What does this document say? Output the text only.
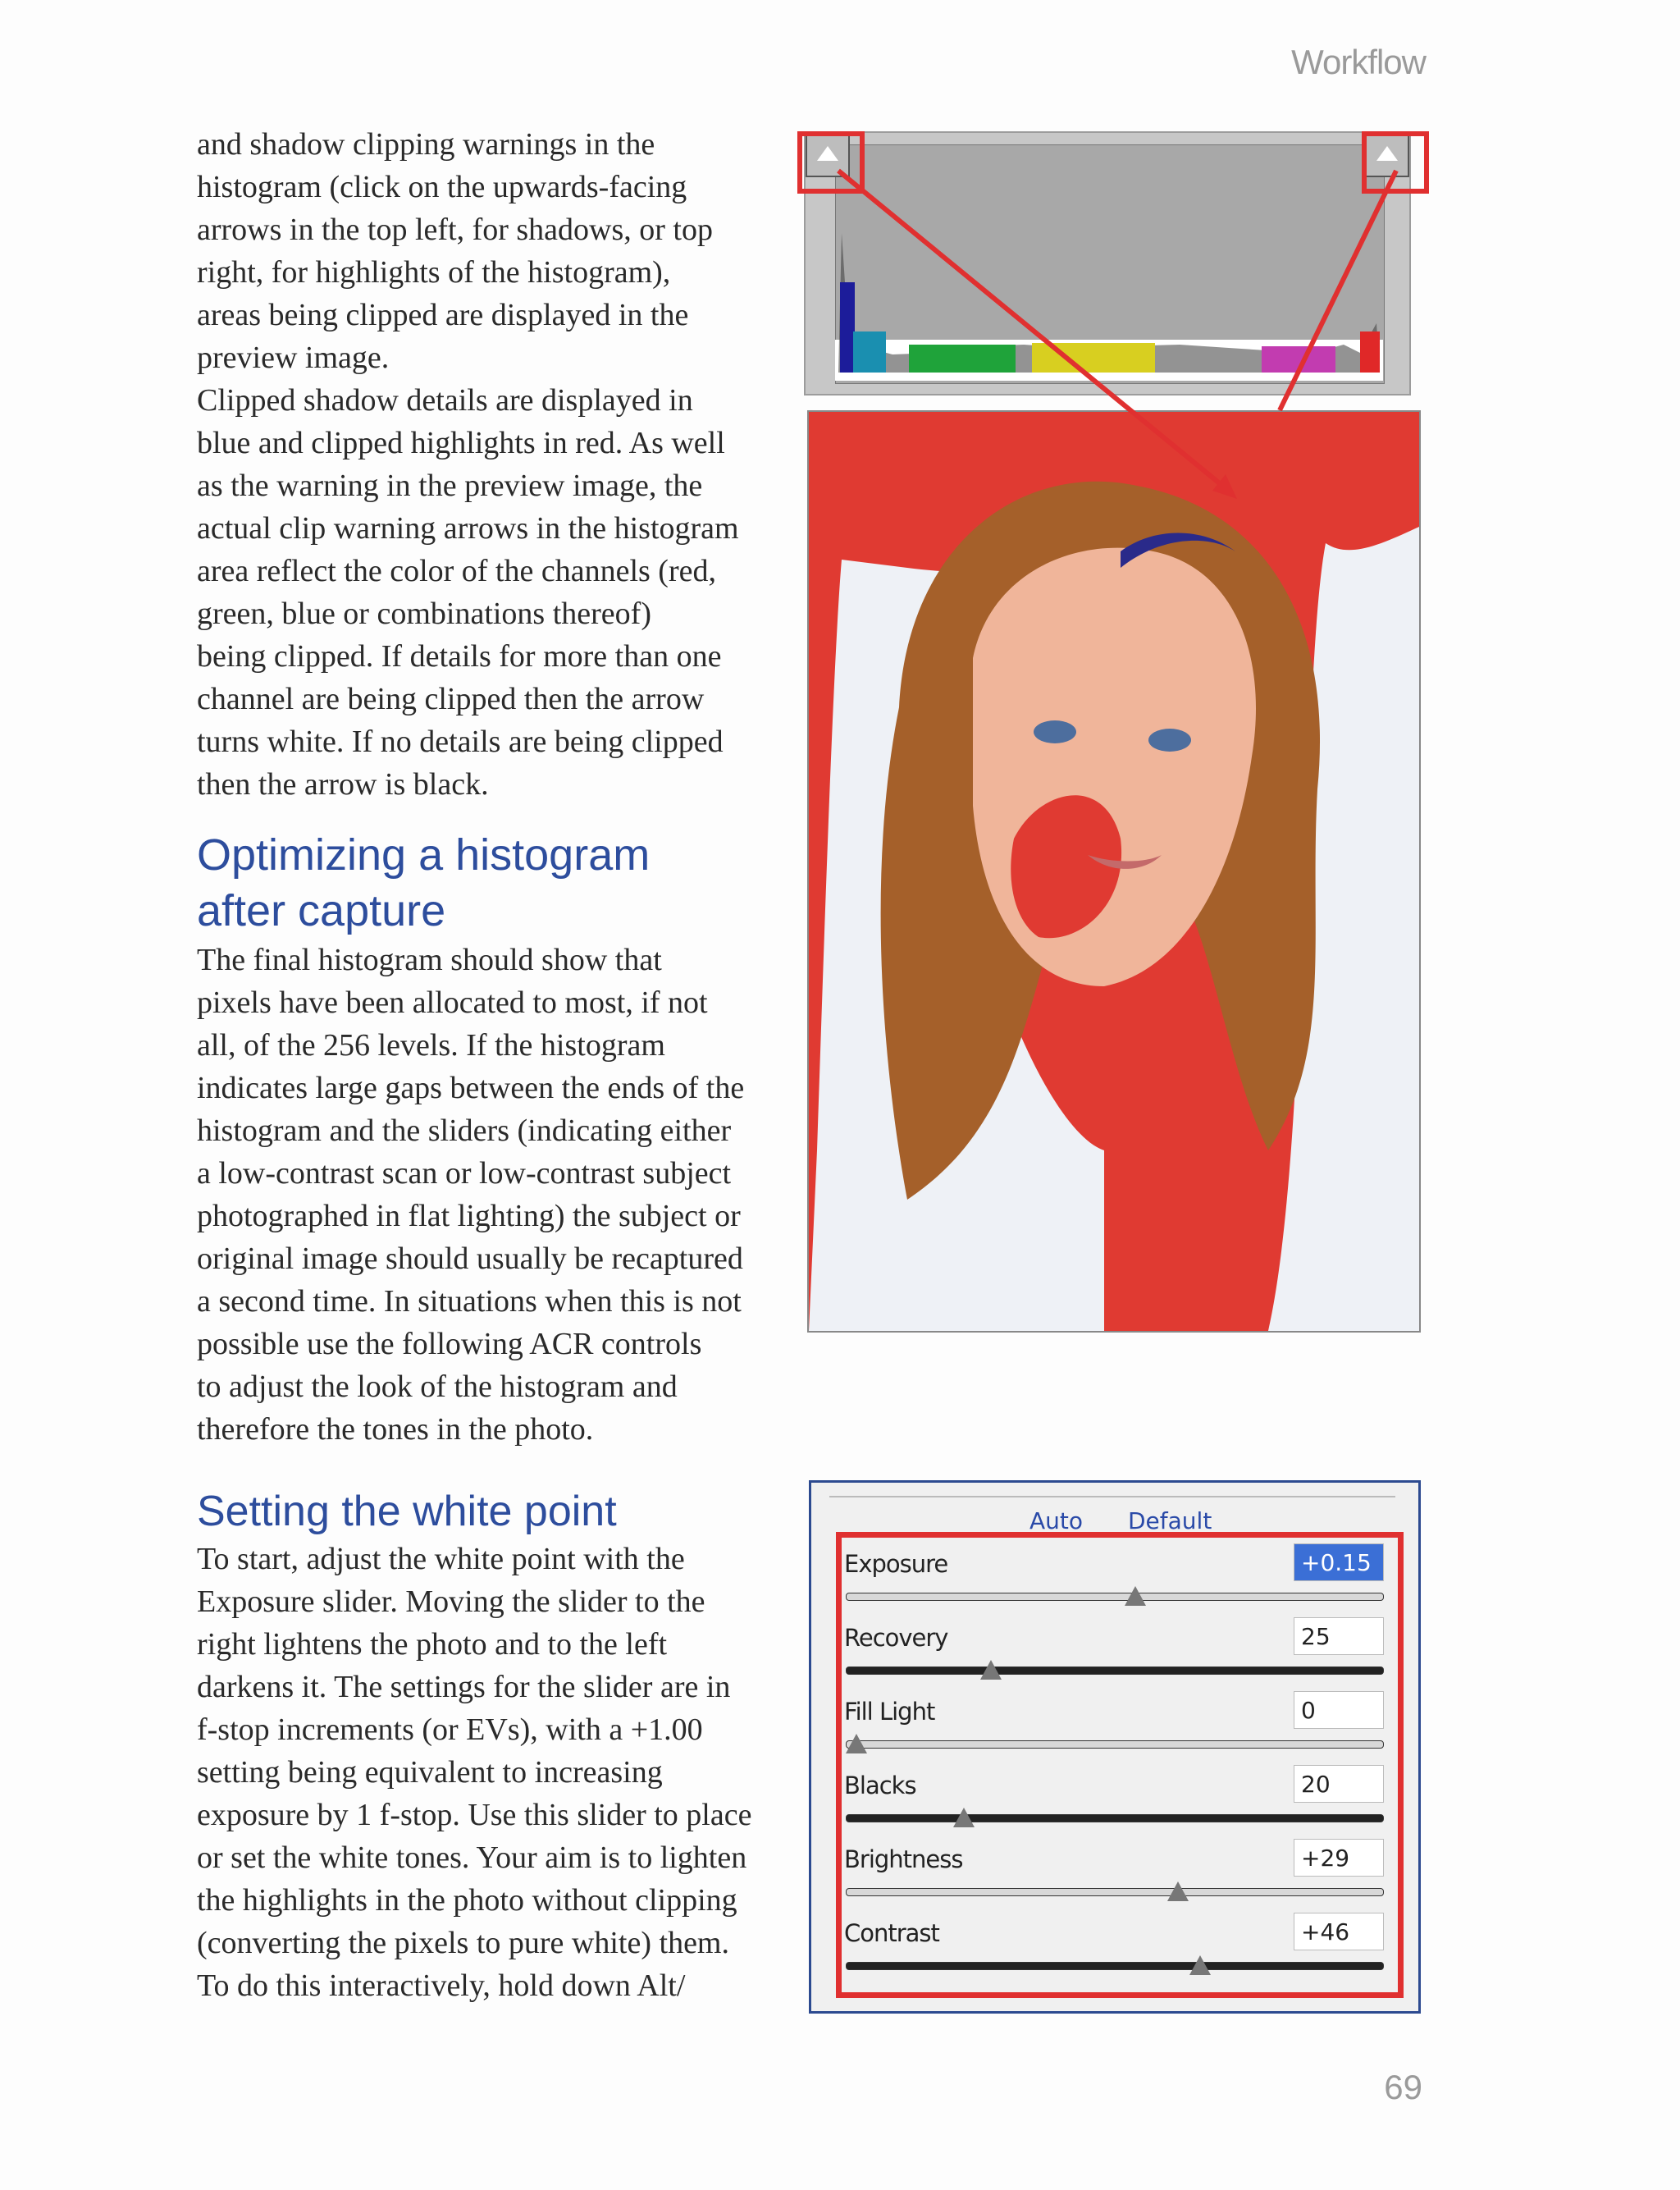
Workflow

and shadow clipping warnings in the
histogram (click on the upwards-facing
arrows in the top left, for shadows, or top
right, for highlights of the histogram),
areas being clipped are displayed in the
preview image.

Clipped shadow details are displayed in
blue and clipped highlights in red. As well
as the warning in the preview image, the
actual clip warning arrows in the histogram
area reflect the color of the channels (red,
green, blue or combinations thereof)
being clipped. If details for more than one
channel are being clipped then the arrow
turns white. If no details are being clipped
then the arrow is black.

Optimizing a histogram
after capture

The final histogram should show that
pixels have been allocated to most, if not
all, of the 256 levels. If the histogram
indicates large gaps between the ends of the
histogram and the sliders (indicating either
a low-contrast scan or low-contrast subject
photographed in flat lighting) the subject or
original image should usually be recaptured
a second time. In situations when this is not
possible use the following ACR controls
to adjust the look of the histogram and
therefore the tones in the photo.

Setting the white point

To start, adjust the white point with the
Exposure slider. Moving the slider to the
right lightens the photo and to the left
darkens it. The settings for the slider are in
f-stop increments (or EVs), with a +1.00
setting being equivalent to increasing
exposure by 1 f-stop. Use this slider to place
or set the white tones. Your aim is to lighten
the highlights in the photo without clipping
(converting the pixels to pure white) them.
To do this interactively, hold down Alt/

Auto Default
Exposure	+0.15
Recovery	25
Fill Light	0
Blacks	20
Brightness	+29
Contrast	+46
69
